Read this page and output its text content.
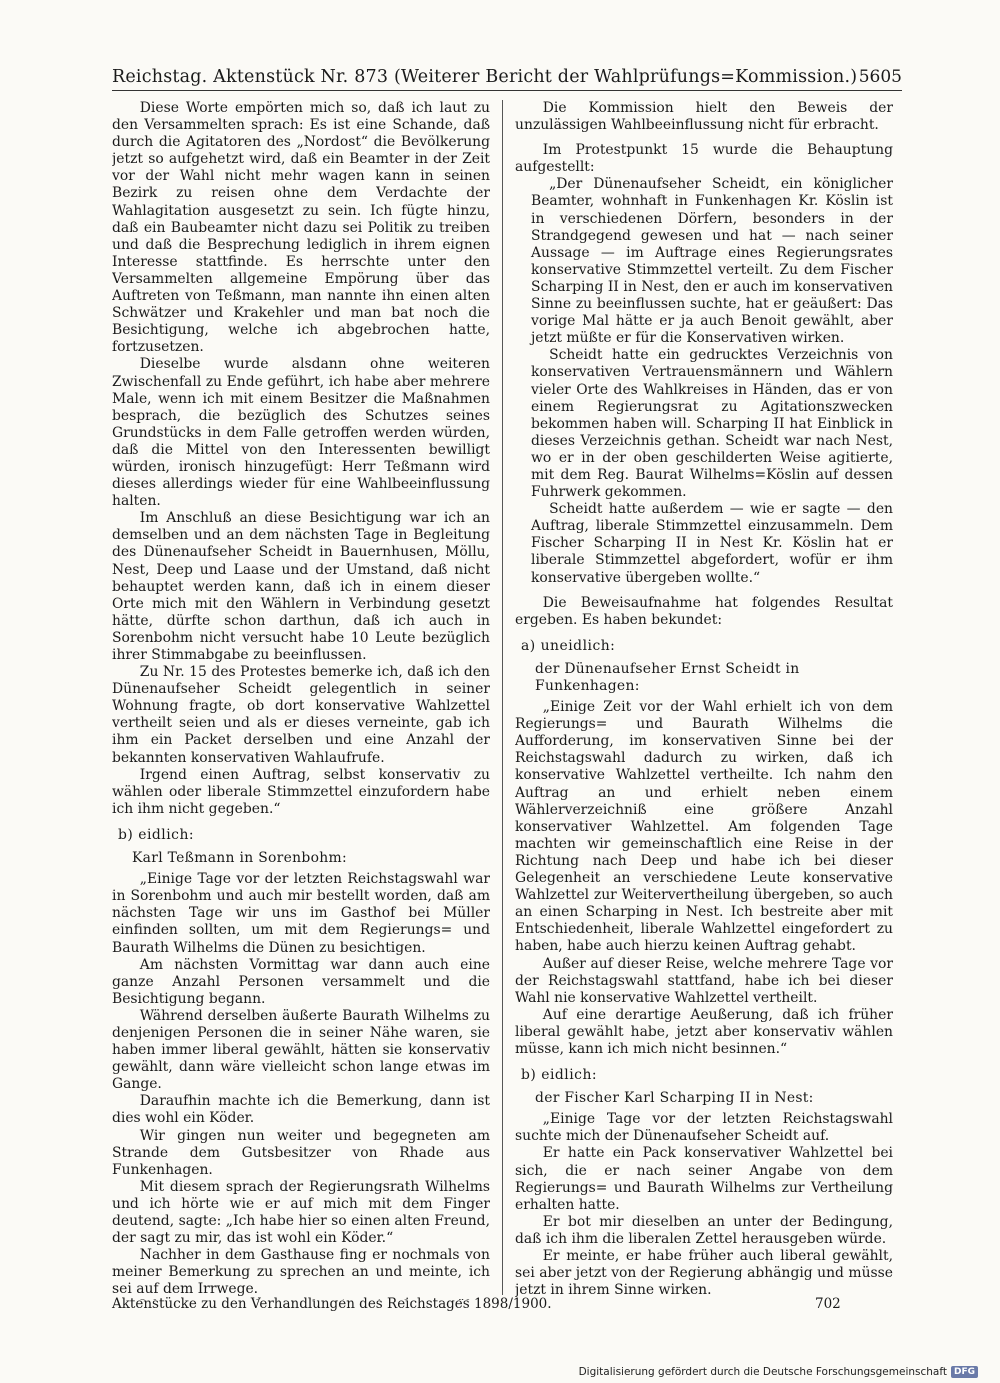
Reichstag. Aktenstück Nr. 873 (Weiterer Bericht der Wahlprüfungs=Kommission.) 5605

Diese Worte empörten mich so, daß ich laut zu den Versammelten sprach: Es ist eine Schande, daß durch die Agitatoren des „Nordost“ die Bevölkerung jetzt so aufgehetzt wird, daß ein Beamter in der Zeit vor der Wahl nicht mehr wagen kann in seinen Bezirk zu reisen ohne dem Verdachte der Wahlagitation ausgesetzt zu sein. Ich fügte hinzu, daß ein Baubeamter nicht dazu sei Politik zu treiben und daß die Besprechung lediglich in ihrem eignen Interesse stattfinde. Es herrschte unter den Versammelten allgemeine Empörung über das Auftreten von Teßmann, man nannte ihn einen alten Schwätzer und Krakehler und man bat noch die Besichtigung, welche ich abgebrochen hatte, fortzusetzen.

Dieselbe wurde alsdann ohne weiteren Zwischenfall zu Ende geführt, ich habe aber mehrere Male, wenn ich mit einem Besitzer die Maßnahmen besprach, die bezüglich des Schutzes seines Grundstücks in dem Falle getroffen werden würden, daß die Mittel von den Interessenten bewilligt würden, ironisch hinzugefügt: Herr Teßmann wird dieses allerdings wieder für eine Wahlbeeinflussung halten.

Im Anschluß an diese Besichtigung war ich an demselben und an dem nächsten Tage in Begleitung des Dünenaufseher Scheidt in Bauernhusen, Möllu, Nest, Deep und Laase und der Umstand, daß nicht behauptet werden kann, daß ich in einem dieser Orte mich mit den Wählern in Verbindung gesetzt hätte, dürfte schon darthun, daß ich auch in Sorenbohm nicht versucht habe 10 Leute bezüglich ihrer Stimmabgabe zu beeinflussen.

Zu Nr. 15 des Protestes bemerke ich, daß ich den Dünenaufseher Scheidt gelegentlich in seiner Wohnung fragte, ob dort konservative Wahlzettel vertheilt seien und als er dieses verneinte, gab ich ihm ein Packet derselben und eine Anzahl der bekannten konservativen Wahlaufrufe.

Irgend einen Auftrag, selbst konservativ zu wählen oder liberale Stimmzettel einzufordern habe ich ihm nicht gegeben.“

b) eidlich:
Karl Teßmann in Sorenbohm:

„Einige Tage vor der letzten Reichstagswahl war in Sorenbohm und auch mir bestellt worden, daß am nächsten Tage wir uns im Gasthof bei Müller einfinden sollten, um mit dem Regierungs= und Baurath Wilhelms die Dünen zu besichtigen.

Am nächsten Vormittag war dann auch eine ganze Anzahl Personen versammelt und die Besichtigung begann.

Während derselben äußerte Baurath Wilhelms zu denjenigen Personen die in seiner Nähe waren, sie haben immer liberal gewählt, hätten sie konservativ gewählt, dann wäre vielleicht schon lange etwas im Gange.

Daraufhin machte ich die Bemerkung, dann ist dies wohl ein Köder.

Wir gingen nun weiter und begegneten am Strande dem Gutsbesitzer von Rhade aus Funkenhagen.

Mit diesem sprach der Regierungsrath Wilhelms und ich hörte wie er auf mich mit dem Finger deutend, sagte: „Ich habe hier so einen alten Freund, der sagt zu mir, das ist wohl ein Köder.“

Nachher in dem Gasthause fing er nochmals von meiner Bemerkung zu sprechen an und meinte, ich sei auf dem Irrwege.

Die Kommission hielt den Beweis der unzulässigen Wahlbeeinflussung nicht für erbracht.

Im Protestpunkt 15 wurde die Behauptung aufgestellt:

„Der Dünenaufseher Scheidt, ein königlicher Beamter, wohnhaft in Funkenhagen Kr. Köslin ist in verschiedenen Dörfern, besonders in der Strandgegend gewesen und hat — nach seiner Aussage — im Auftrage eines Regierungsrates konservative Stimmzettel verteilt. Zu dem Fischer Scharping II in Nest, den er auch im konservativen Sinne zu beeinflussen suchte, hat er geäußert: Das vorige Mal hätte er ja auch Benoit gewählt, aber jetzt müßte er für die Konservativen wirken.

Scheidt hatte ein gedrucktes Verzeichnis von konservativen Vertrauensmännern und Wählern vieler Orte des Wahlkreises in Händen, das er von einem Regierungsrat zu Agitationszwecken bekommen haben will. Scharping II hat Einblick in dieses Verzeichnis gethan. Scheidt war nach Nest, wo er in der oben geschilderten Weise agitierte, mit dem Reg. Baurat Wilhelms=Köslin auf dessen Fuhrwerk gekommen.

Scheidt hatte außerdem — wie er sagte — den Auftrag, liberale Stimmzettel einzusammeln. Dem Fischer Scharping II in Nest Kr. Köslin hat er liberale Stimmzettel abgefordert, wofür er ihm konservative übergeben wollte.“

Die Beweisaufnahme hat folgendes Resultat ergeben. Es haben bekundet:

a) uneidlich:
der Dünenaufseher Ernst Scheidt in Funkenhagen:

„Einige Zeit vor der Wahl erhielt ich von dem Regierungs= und Baurath Wilhelms die Aufforderung, im konservativen Sinne bei der Reichstagswahl dadurch zu wirken, daß ich konservative Wahlzettel vertheilte. Ich nahm den Auftrag an und erhielt neben einem Wählerverzeichniß eine größere Anzahl konservativer Wahlzettel. Am folgenden Tage machten wir gemeinschaftlich eine Reise in der Richtung nach Deep und habe ich bei dieser Gelegenheit an verschiedene Leute konservative Wahlzettel zur Weitervertheilung übergeben, so auch an einen Scharping in Nest. Ich bestreite aber mit Entschiedenheit, liberale Wahlzettel eingefordert zu haben, habe auch hierzu keinen Auftrag gehabt.

Außer auf dieser Reise, welche mehrere Tage vor der Reichstagswahl stattfand, habe ich bei dieser Wahl nie konservative Wahlzettel vertheilt.

Auf eine derartige Aeußerung, daß ich früher liberal gewählt habe, jetzt aber konservativ wählen müsse, kann ich mich nicht besinnen.“

b) eidlich:
der Fischer Karl Scharping II in Nest:

„Einige Tage vor der letzten Reichstagswahl suchte mich der Dünenaufseher Scheidt auf.

Er hatte ein Pack konservativer Wahlzettel bei sich, die er nach seiner Angabe von dem Regierungs= und Baurath Wilhelms zur Vertheilung erhalten hatte.

Er bot mir dieselben an unter der Bedingung, daß ich ihm die liberalen Zettel herausgeben würde.

Er meinte, er habe früher auch liberal gewählt, sei aber jetzt von der Regierung abhängig und müsse jetzt in ihrem Sinne wirken.

Aktenstücke zu den Verhandlungen des Reichstages 1898/1900.	702
Digitalisierung gefördert durch die Deutsche Forschungsgemeinschaft DFG
